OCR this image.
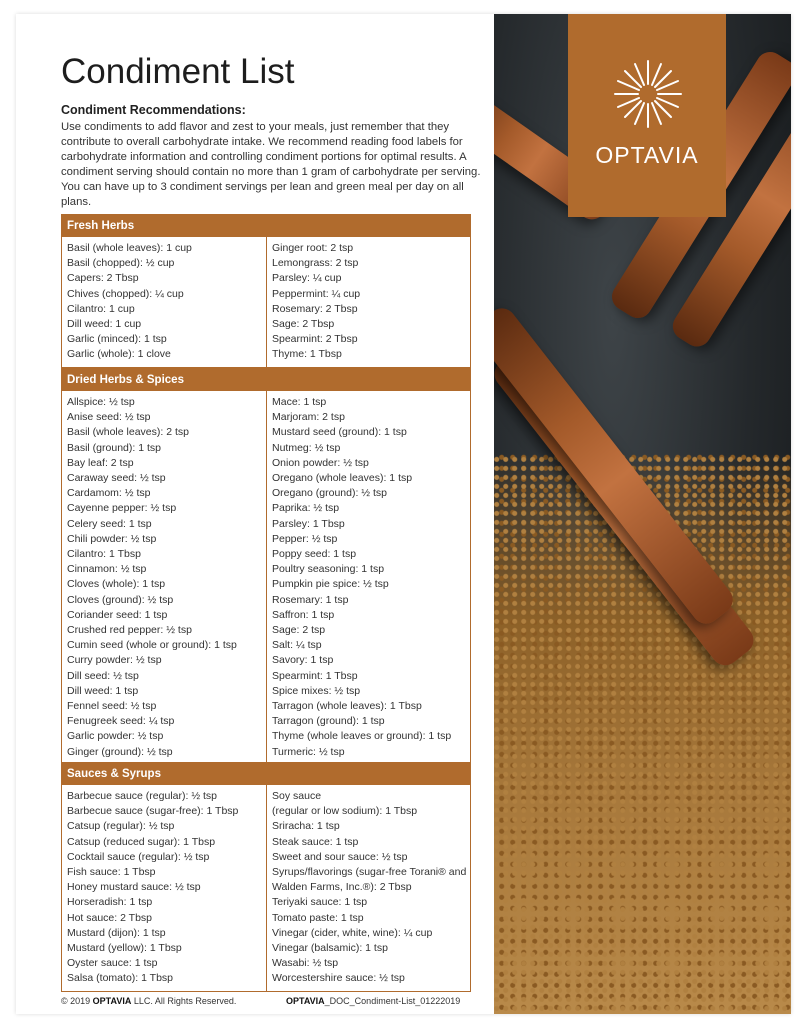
OPTAVIA
Condiment List
Condiment Recommendations:
Use condiments to add flavor and zest to your meals, just remember that they contribute to overall carbohydrate intake. We recommend reading food labels for carbohydrate information and controlling condiment portions for optimal results. A condiment serving should contain no more than 1 gram of carbohydrate per serving. You can have up to 3 condiment servings per lean and green meal per day on all plans.
Fresh Herbs
Basil (whole leaves): 1 cup
Basil (chopped): ½ cup
Capers: 2 Tbsp
Chives (chopped): ¼ cup
Cilantro: 1 cup
Dill weed: 1 cup
Garlic (minced): 1 tsp
Garlic (whole): 1 clove
Ginger root: 2 tsp
Lemongrass: 2 tsp
Parsley: ¼ cup
Peppermint: ¼ cup
Rosemary: 2 Tbsp
Sage: 2 Tbsp
Spearmint: 2 Tbsp
Thyme: 1 Tbsp
Dried Herbs & Spices
Allspice: ½ tsp
Anise seed: ½ tsp
Basil (whole leaves): 2 tsp
Basil (ground): 1 tsp
Bay leaf: 2 tsp
Caraway seed: ½ tsp
Cardamom: ½ tsp
Cayenne pepper: ½ tsp
Celery seed: 1 tsp
Chili powder: ½ tsp
Cilantro: 1 Tbsp
Cinnamon: ½ tsp
Cloves (whole): 1 tsp
Cloves (ground): ½ tsp
Coriander seed: 1 tsp
Crushed red pepper: ½ tsp
Cumin seed (whole or ground): 1 tsp
Curry powder: ½ tsp
Dill seed: ½ tsp
Dill weed: 1 tsp
Fennel seed: ½ tsp
Fenugreek seed: ¼ tsp
Garlic powder: ½ tsp
Ginger (ground): ½ tsp
Mace: 1 tsp
Marjoram: 2 tsp
Mustard seed (ground): 1 tsp
Nutmeg: ½ tsp
Onion powder: ½ tsp
Oregano (whole leaves): 1 tsp
Oregano (ground): ½ tsp
Paprika: ½ tsp
Parsley: 1 Tbsp
Pepper: ½ tsp
Poppy seed: 1 tsp
Poultry seasoning: 1 tsp
Pumpkin pie spice: ½ tsp
Rosemary: 1 tsp
Saffron: 1 tsp
Sage: 2 tsp
Salt: ¼ tsp
Savory: 1 tsp
Spearmint: 1 Tbsp
Spice mixes: ½ tsp
Tarragon (whole leaves): 1 Tbsp
Tarragon (ground): 1 tsp
Thyme (whole leaves or ground): 1 tsp
Turmeric: ½ tsp
Sauces & Syrups
Barbecue sauce (regular): ½ tsp
Barbecue sauce (sugar-free): 1 Tbsp
Catsup (regular): ½ tsp
Catsup (reduced sugar): 1 Tbsp
Cocktail sauce (regular): ½ tsp
Fish sauce: 1 Tbsp
Honey mustard sauce: ½ tsp
Horseradish: 1 tsp
Hot sauce: 2 Tbsp
Mustard (dijon): 1 tsp
Mustard (yellow): 1 Tbsp
Oyster sauce: 1 tsp
Salsa (tomato): 1 Tbsp
Soy sauce
(regular or low sodium): 1 Tbsp
Sriracha: 1 tsp
Steak sauce: 1 tsp
Sweet and sour sauce: ½ tsp
Syrups/flavorings (sugar-free Torani® and
Walden Farms, Inc.®): 2 Tbsp
Teriyaki sauce: 1 tsp
Tomato paste: 1 tsp
Vinegar (cider, white, wine): ¼ cup
Vinegar (balsamic): 1 tsp
Wasabi: ½ tsp
Worcestershire sauce: ½ tsp
© 2019 OPTAVIA LLC. All Rights Reserved.	OPTAVIA_DOC_Condiment-List_01222019
